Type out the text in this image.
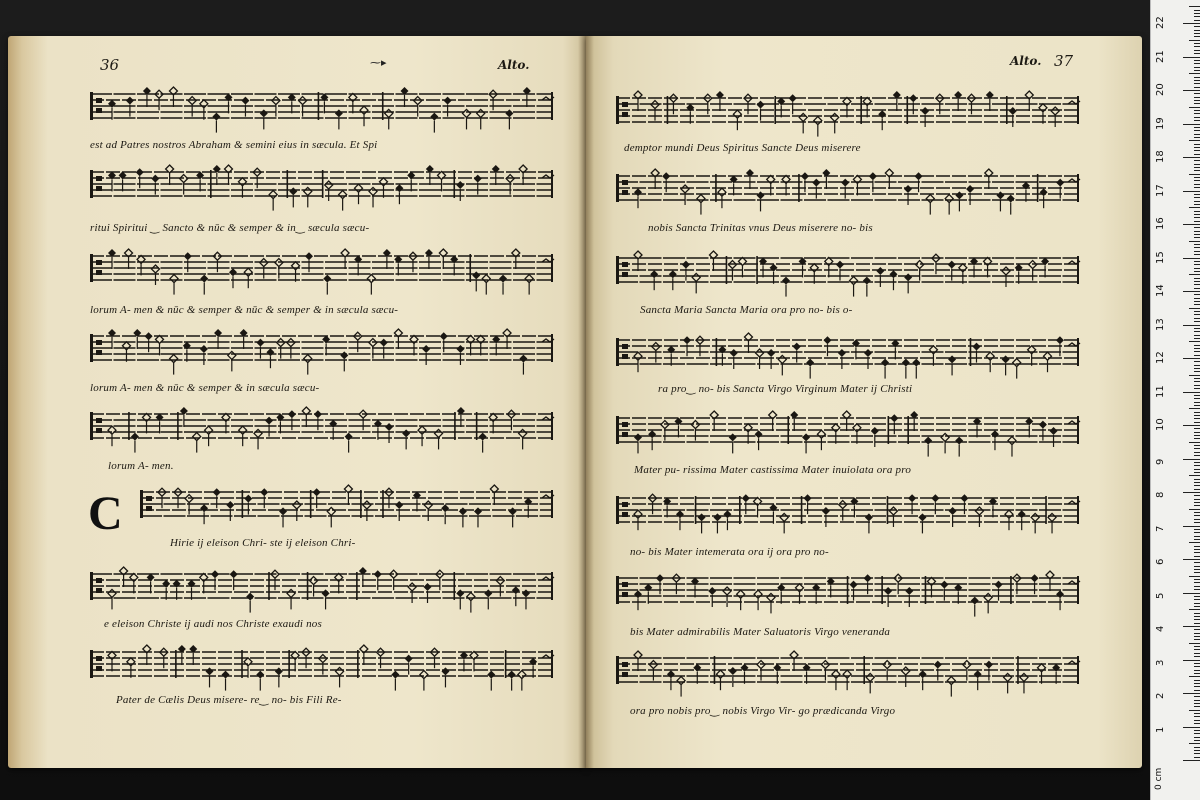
36	⁓▸	Alto.
C
est ad Patres nostros Abraham & semini eius in sæcula. Et Spi
ritui Spiritui ‿ Sancto & nūc & semper & in‿ sæcula sæcu-
lorum A- men & nūc & semper & nūc & semper & in sæcula sæcu-
lorum A- men & nūc & semper & in sæcula sæcu-
lorum A- men.
Hirie ij eleison Chri- ste ij eleison Chri-
e eleison Christe ij audi nos Christe exaudi nos
Pater de Cælis Deus misere- re‿ no- bis Fili Re-
Alto. 37
demptor mundi Deus Spiritus Sancte Deus miserere
nobis Sancta Trinitas vnus Deus miserere no- bis
Sancta Maria Sancta Maria ora pro no- bis o-
ra pro‿ no- bis Sancta Virgo Virginum Mater ij Christi
Mater pu- rissima Mater castissima Mater inuiolata ora pro
no- bis Mater intemerata ora ij ora pro no-
bis Mater admirabilis Mater Saluatoris Virgo veneranda
ora pro nobis pro‿ nobis Virgo Vir- go prædicanda Virgo
0 cm
1
2
3
4
5
6
7
8
9
10
11
12
13
14
15
16
17
18
19
20
21
22
